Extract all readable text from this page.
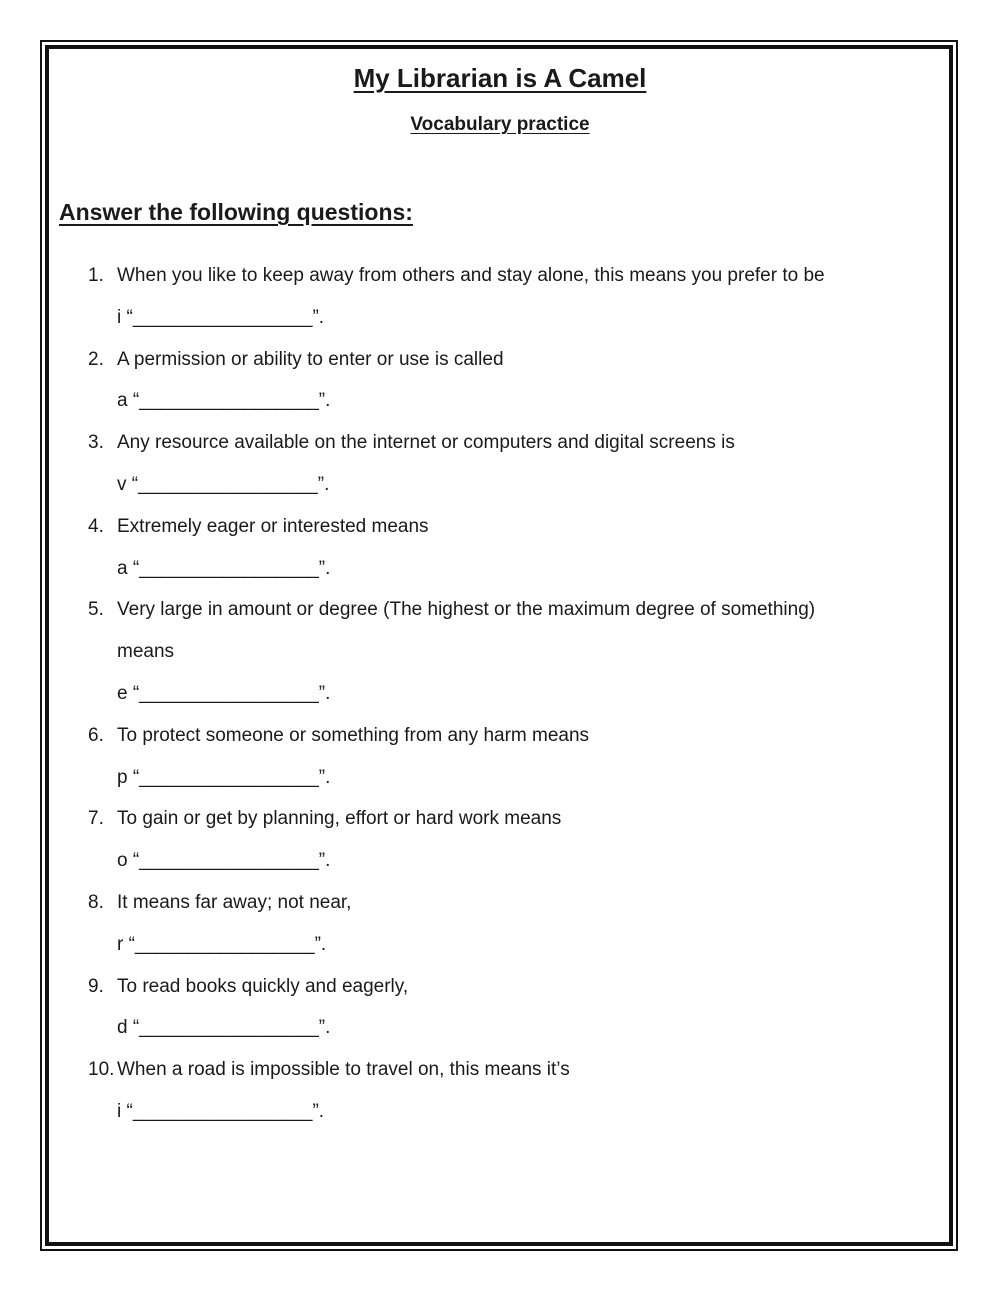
My Librarian is A Camel
Vocabulary practice
Answer the following questions:
1. When you like to keep away from others and stay alone, this means you prefer to be
i “_________________”.
2. A permission or ability to enter or use is called
a “_________________”.
3. Any resource available on the internet or computers and digital screens is
v “_________________”.
4. Extremely eager or interested means
a “_________________”.
5. Very large in amount or degree (The highest or the maximum degree of something)
means
e “_________________”.
6. To protect someone or something from any harm means
p “_________________”.
7. To gain or get by planning, effort or hard work means
o “_________________”.
8. It means far away; not near,
r “_________________”.
9. To read books quickly and eagerly,
d “_________________”.
10. When a road is impossible to travel on, this means it’s
i “_________________”.
